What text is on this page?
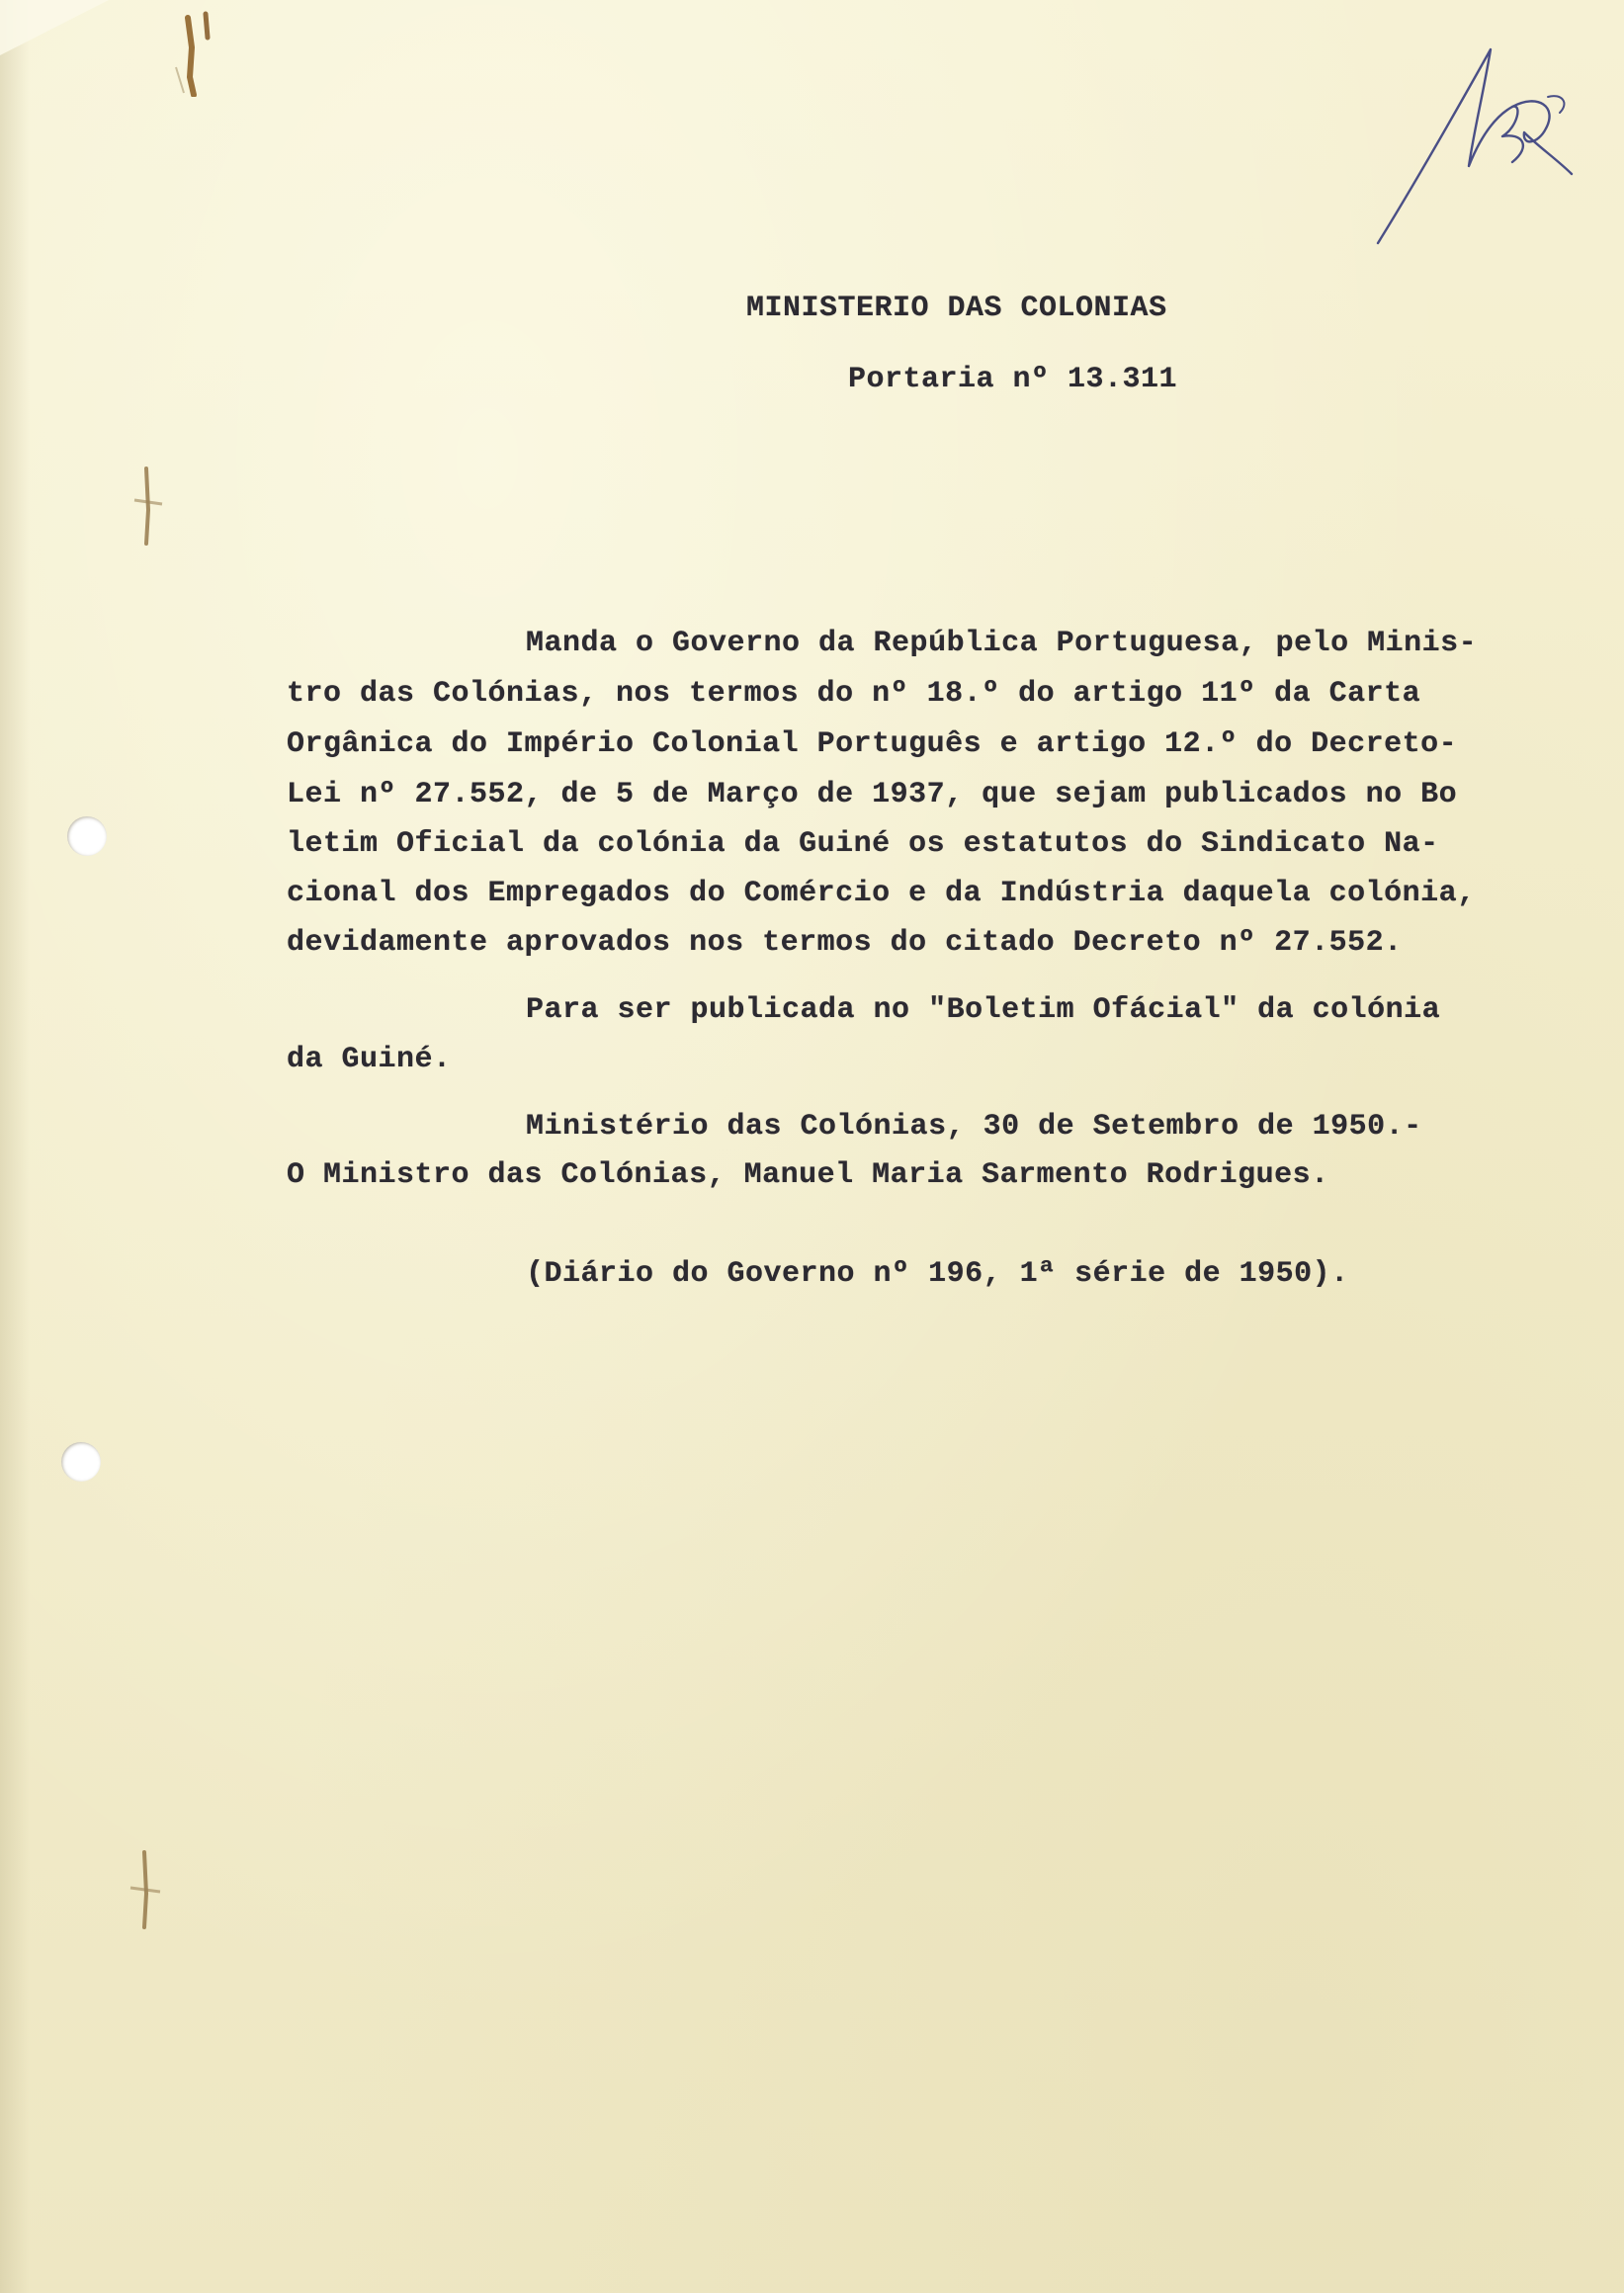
MINISTERIO DAS COLONIAS

Portaria nº 13.311

Manda o Governo da República Portuguesa, pelo Minis-

tro das Colónias, nos termos do nº 18.º do artigo 11º da Carta

Orgânica do Império Colonial Português e artigo 12.º do Decreto-

Lei nº 27.552, de 5 de Março de 1937, que sejam publicados no Bo

letim Oficial da colónia da Guiné os estatutos do Sindicato Na-

cional dos Empregados do Comércio e da Indústria daquela colónia,

devidamente aprovados nos termos do citado Decreto nº 27.552.

Para ser publicada no "Boletim Ofácial" da colónia

da Guiné.

Ministério das Colónias, 30 de Setembro de 1950.-

O Ministro das Colónias, Manuel Maria Sarmento Rodrigues.

(Diário do Governo nº 196, 1ª série de 1950).
